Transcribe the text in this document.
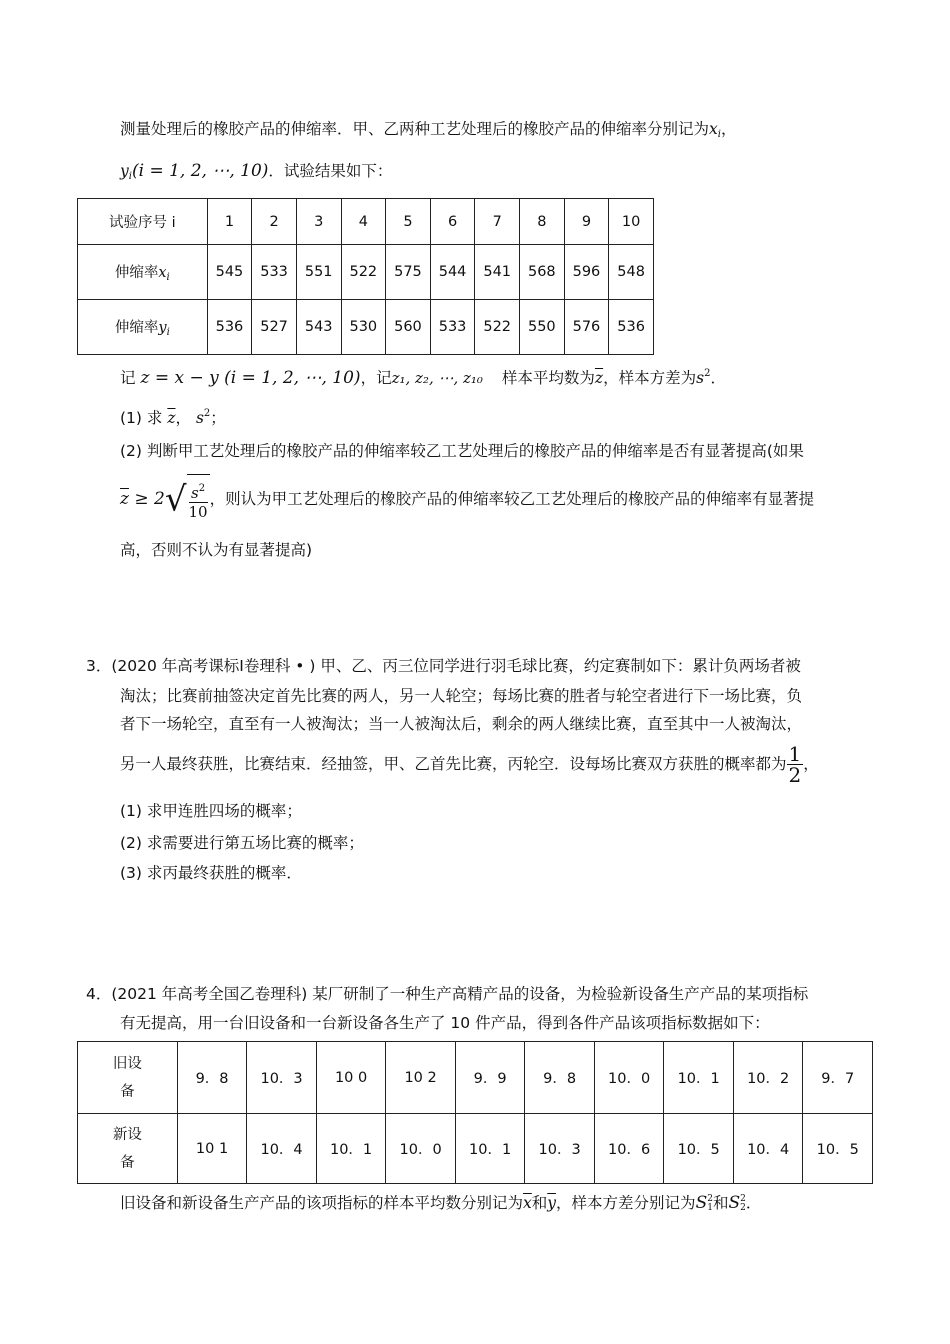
测量处理后的橡胶产品的伸缩率．甲、乙两种工艺处理后的橡胶产品的伸缩率分别记为$x_i$，
$y_i(i = 1$, 2, ⋯, 10)．试验结果如下：
试验序号 i	1	2	3	4	5	6	7	8	9	10
伸缩率$x_i$	545	533	551	522	575	544	541	568	596	548
伸缩率$y_i$	536	527	543	530	560	533	522	550	576	536
记 z = x − y (i = 1, 2, ⋯, 10)，记z₁, z₂, ⋯, z₁₀ 样本平均数为$\overline{z}$，样本方差为$s^2$．
(1) 求 $\overline{z}$， $s^2$；
(2) 判断甲工艺处理后的橡胶产品的伸缩率较乙工艺处理后的橡胶产品的伸缩率是否有显著提高(如果
$\overline{z} \ge 2√ \frac{s^2}{10}$ ，则认为甲工艺处理后的橡胶产品的伸缩率较乙工艺处理后的橡胶产品的伸缩率有显著提
高，否则不认为有显著提高)
3．(2020 年高考课标Ⅰ卷理科 • ) 甲、乙、丙三位同学进行羽毛球比赛，约定赛制如下：累计负两场者被
淘汰；比赛前抽签决定首先比赛的两人，另一人轮空；每场比赛的胜者与轮空者进行下一场比赛，负
者下一场轮空，直至有一人被淘汰；当一人被淘汰后，剩余的两人继续比赛，直至其中一人被淘汰，
另一人最终获胜，比赛结束．经抽签，甲、乙首先比赛，丙轮空．设每场比赛双方获胜的概率都为 $\frac{1}{2}$ ，
(1) 求甲连胜四场的概率；
(2) 求需要进行第五场比赛的概率；
(3) 求丙最终获胜的概率．
4．(2021 年高考全国乙卷理科) 某厂研制了一种生产高精产品的设备，为检验新设备生产产品的某项指标
有无提高，用一台旧设备和一台新设备各生产了 10 件产品，得到各件产品该项指标数据如下：
旧设
备	9．8	10．3	10 0	10 2	9．9	9．8	10．0	10．1	10．2	9．7
新设
备	10 1	10．4	10．1	10．0	10．1	10．3	10．6	10．5	10．4	10．5
旧设备和新设备生产产品的该项指标的样本平均数分别记为$\overline{x}$和$\overline{y}$，样本方差分别记为S2
1和S2
2．
